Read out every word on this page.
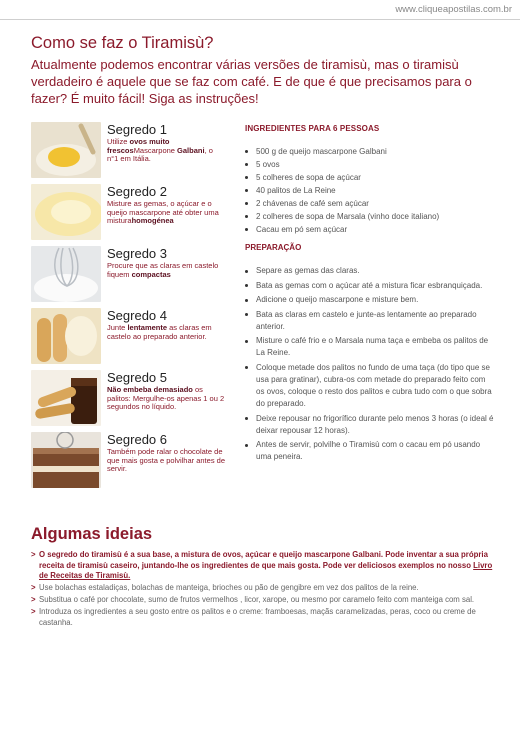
www.cliqueapostilas.com.br
Como se faz o Tiramisù?

Atualmente podemos encontrar várias versões de tiramisù, mas o tiramisù verdadeiro é aquele que se faz com café. E de que é que precisamos para o fazer? É muito fácil! Siga as instruções!

Segredo 1
Utilize ovos muito frescosMascarpone Galbani, o n°1 em Itália.
Segredo 2
Misture as gemas, o açúcar e o queijo mascarpone até obter uma misturahomogénea
Segredo 3
Procure que as claras em castelo fiquem compactas
Segredo 4
Junte lentamente as claras em castelo ao preparado anterior.
Segredo 5
Não embeba demasiado os palitos: Mergulhe-os apenas 1 ou 2 segundos no líquido.
Segredo 6
Também pode ralar o chocolate de que mais gosta e polvilhar antes de servir.
INGREDIENTES PARA 6 PESSOAS
500 g de queijo mascarpone Galbani
5 ovos
5 colheres de sopa de açúcar
40 palitos de La Reine
2 chávenas de café sem açúcar
2 colheres de sopa de Marsala (vinho doce italiano)
Cacau em pó sem açúcar
PREPARAÇÃO
Separe as gemas das claras.
Bata as gemas com o açúcar até a mistura ficar esbranquiçada.
Adicione o queijo mascarpone e misture bem.
Bata as claras em castelo e junte-as lentamente ao preparado anterior.
Misture o café frio e o Marsala numa taça e embeba os palitos de La Reine.
Coloque metade dos palitos no fundo de uma taça (do tipo que se usa para gratinar), cubra-os com metade do preparado feito com os ovos, coloque o resto dos palitos e cubra tudo com o que sobra do preparado.
Deixe repousar no frigorífico durante pelo menos 3 horas (o ideal é deixar repousar 12 horas).
Antes de servir, polvilhe o Tiramisù com o cacau em pó usando uma peneira.
Algumas ideias
> O segredo do tiramisù é a sua base, a mistura de ovos, açúcar e queijo mascarpone Galbani. Pode inventar a sua própria receita de tiramisù caseiro, juntando-lhe os ingredientes de que mais gosta. Pode ver deliciosos exemplos no nosso Livro de Receitas de Tiramisù.
> Use bolachas estaladiças, bolachas de manteiga, brioches ou pão de gengibre em vez dos palitos de la reine.
> Substitua o café por chocolate, sumo de frutos vermelhos , licor, xarope, ou mesmo por caramelo feito com manteiga com sal.
> Introduza os ingredientes a seu gosto entre os palitos e o creme: framboesas, maçãs caramelizadas, peras, coco ou creme de castanha.
